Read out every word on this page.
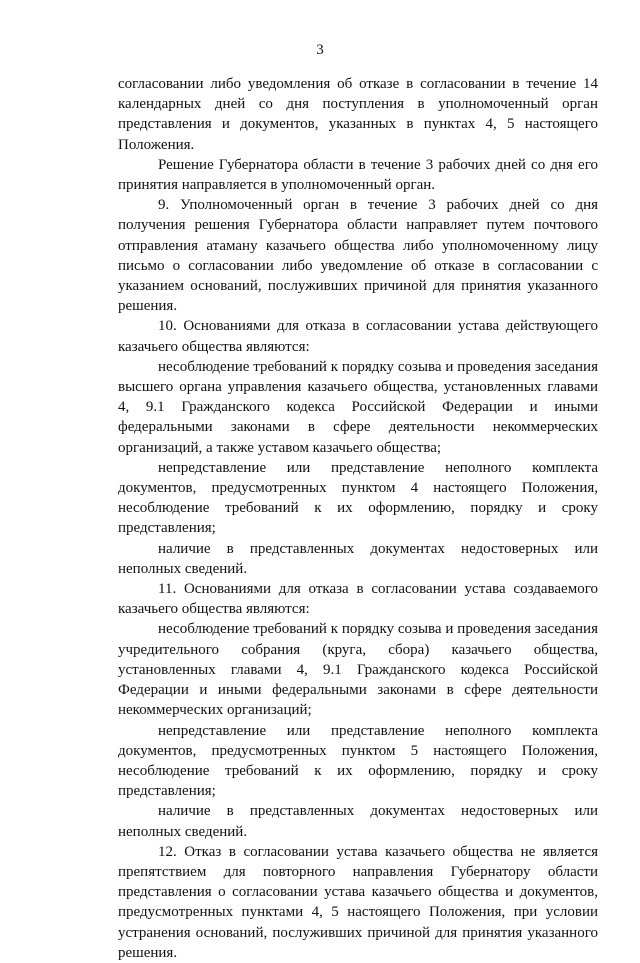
3

согласовании либо уведомления об отказе в согласовании в течение 14 календарных дней со дня поступления в уполномоченный орган представления и документов, указанных в пунктах 4, 5 настоящего Положения.

Решение Губернатора области в течение 3 рабочих дней со дня его принятия направляется в уполномоченный орган.

9. Уполномоченный орган в течение 3 рабочих дней со дня получения решения Губернатора области направляет путем почтового отправления атаману казачьего общества либо уполномоченному лицу письмо о согласовании либо уведомление об отказе в согласовании с указанием оснований, послуживших причиной для принятия указанного решения.

10. Основаниями для отказа в согласовании устава действующего казачьего общества являются:

несоблюдение требований к порядку созыва и проведения заседания высшего органа управления казачьего общества, установленных главами 4, 9.1 Гражданского кодекса Российской Федерации и иными федеральными законами в сфере деятельности некоммерческих организаций, а также уставом казачьего общества;

непредставление или представление неполного комплекта документов, предусмотренных пунктом 4 настоящего Положения, несоблюдение требований к их оформлению, порядку и сроку представления;

наличие в представленных документах недостоверных или неполных сведений.

11. Основаниями для отказа в согласовании устава создаваемого казачьего общества являются:

несоблюдение требований к порядку созыва и проведения заседания учредительного собрания (круга, сбора) казачьего общества, установленных главами 4, 9.1 Гражданского кодекса Российской Федерации и иными федеральными законами в сфере деятельности некоммерческих организаций;

непредставление или представление неполного комплекта документов, предусмотренных пунктом 5 настоящего Положения, несоблюдение требований к их оформлению, порядку и сроку представления;

наличие в представленных документах недостоверных или неполных сведений.

12. Отказ в согласовании устава казачьего общества не является препятствием для повторного направления Губернатору области представления о согласовании устава казачьего общества и документов, предусмотренных пунктами 4, 5 настоящего Положения, при условии устранения оснований, послуживших причиной для принятия указанного решения.
